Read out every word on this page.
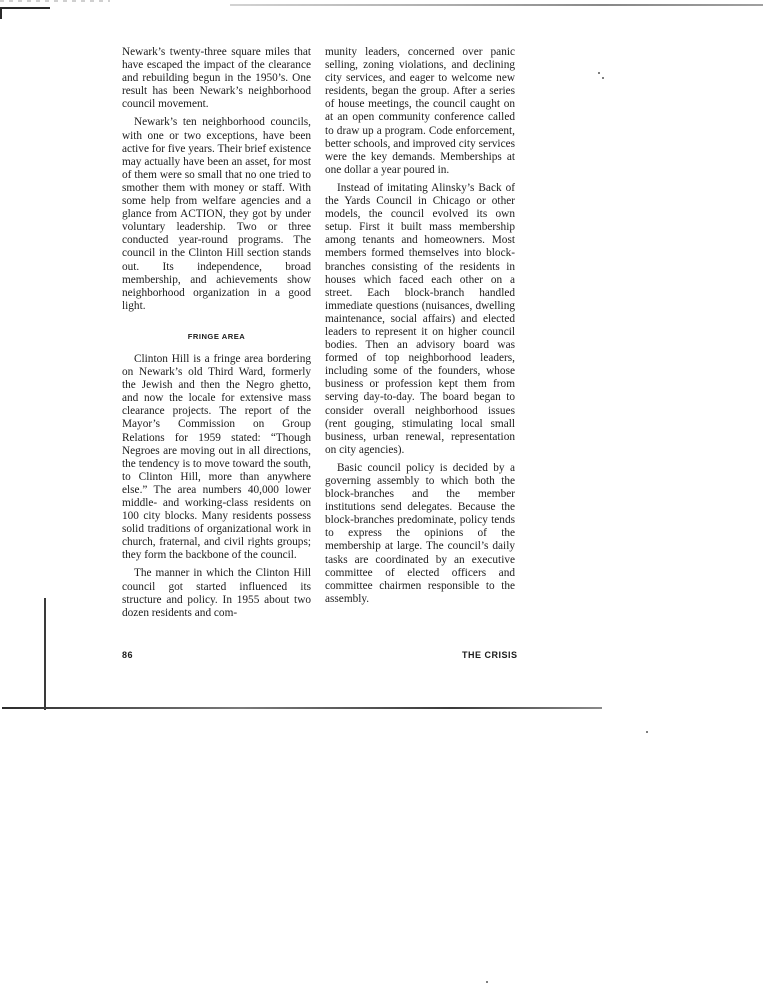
Newark’s twenty-three square miles that have escaped the impact of the clearance and rebuilding begun in the 1950’s. One result has been Newark’s neighborhood council movement.

Newark’s ten neighborhood councils, with one or two exceptions, have been active for five years. Their brief existence may actually have been an asset, for most of them were so small that no one tried to smother them with money or staff. With some help from welfare agencies and a glance from ACTION, they got by under voluntary leadership. Two or three conducted year-round programs. The council in the Clinton Hill section stands out. Its independence, broad membership, and achievements show neighborhood organization in a good light.

FRINGE AREA

Clinton Hill is a fringe area bordering on Newark’s old Third Ward, formerly the Jewish and then the Negro ghetto, and now the locale for extensive mass clearance projects. The report of the Mayor’s Commission on Group Relations for 1959 stated: “Though Negroes are moving out in all directions, the tendency is to move toward the south, to Clinton Hill, more than anywhere else.” The area numbers 40,000 lower middle- and working-class residents on 100 city blocks. Many residents possess solid traditions of organizational work in church, fraternal, and civil rights groups; they form the backbone of the council.

The manner in which the Clinton Hill council got started influenced its structure and policy. In 1955 about two dozen residents and com-

munity leaders, concerned over panic selling, zoning violations, and declining city services, and eager to welcome new residents, began the group. After a series of house meetings, the council caught on at an open community conference called to draw up a program. Code enforcement, better schools, and improved city services were the key demands. Memberships at one dollar a year poured in.

Instead of imitating Alinsky’s Back of the Yards Council in Chicago or other models, the council evolved its own setup. First it built mass membership among tenants and homeowners. Most members formed themselves into block-branches consisting of the residents in houses which faced each other on a street. Each block-branch handled immediate questions (nuisances, dwelling maintenance, social affairs) and elected leaders to represent it on higher council bodies. Then an advisory board was formed of top neighborhood leaders, including some of the founders, whose business or profession kept them from serving day-to-day. The board began to consider overall neighborhood issues (rent gouging, stimulating local small business, urban renewal, representation on city agencies).

Basic council policy is decided by a governing assembly to which both the block-branches and the member institutions send delegates. Because the block-branches predominate, policy tends to express the opinions of the membership at large. The council’s daily tasks are coordinated by an executive committee of elected officers and committee chairmen responsible to the assembly.

86	THE CRISIS
